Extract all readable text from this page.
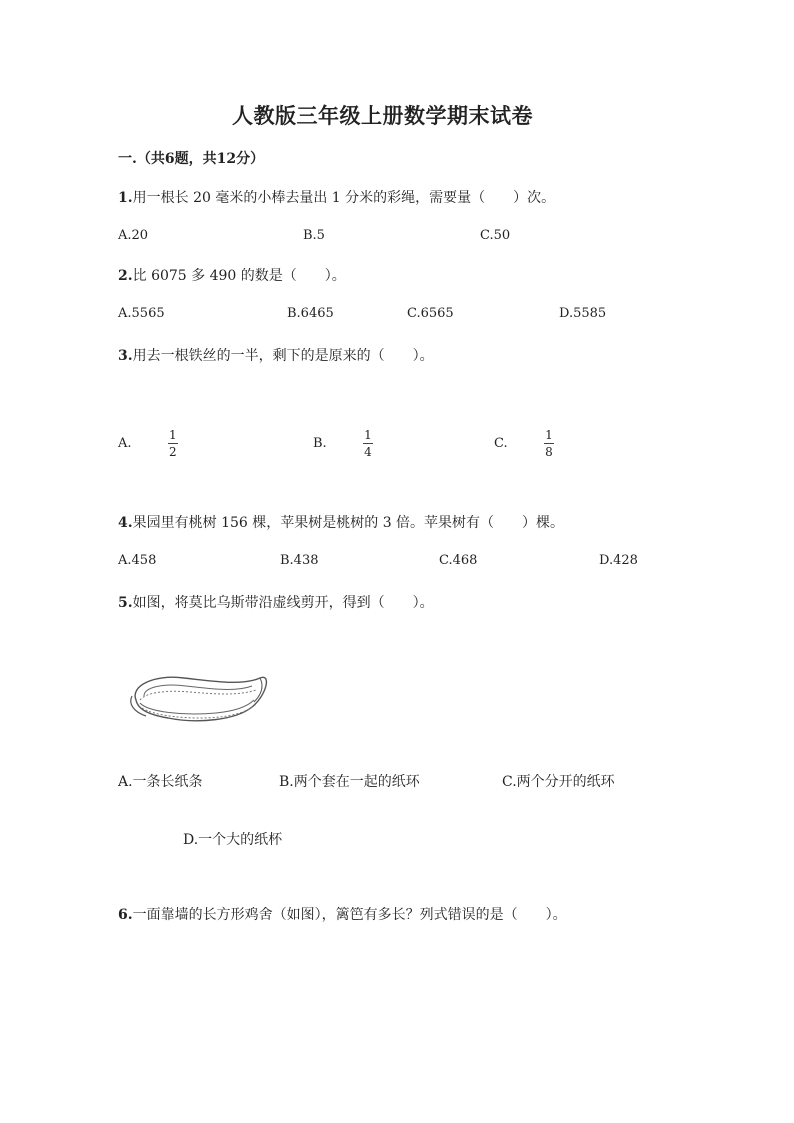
人教版三年级上册数学期末试卷
一.（共6题，共12分）
1.用一根长 20 毫米的小棒去量出 1 分米的彩绳，需要量（　　）次。
A.20	B.5	C.50
2.比 6075 多 490 的数是（　　）。
A.5565	B.6465	C.6565	D.5585
3.用去一根铁丝的一半，剩下的是原来的（　　）。
A.	$\frac{1}{2}$	B.	$\frac{1}{4}$	C.	$\frac{1}{8}$
4.果园里有桃树 156 棵，苹果树是桃树的 3 倍。苹果树有（　　）棵。
A.458	B.438	C.468	D.428
5.如图，将莫比乌斯带沿虚线剪开，得到（　　）。
A.一条长纸条	B.两个套在一起的纸环	C.两个分开的纸环
D.一个大的纸杯
6.一面靠墙的长方形鸡舍（如图），篱笆有多长？列式错误的是（　　）。
